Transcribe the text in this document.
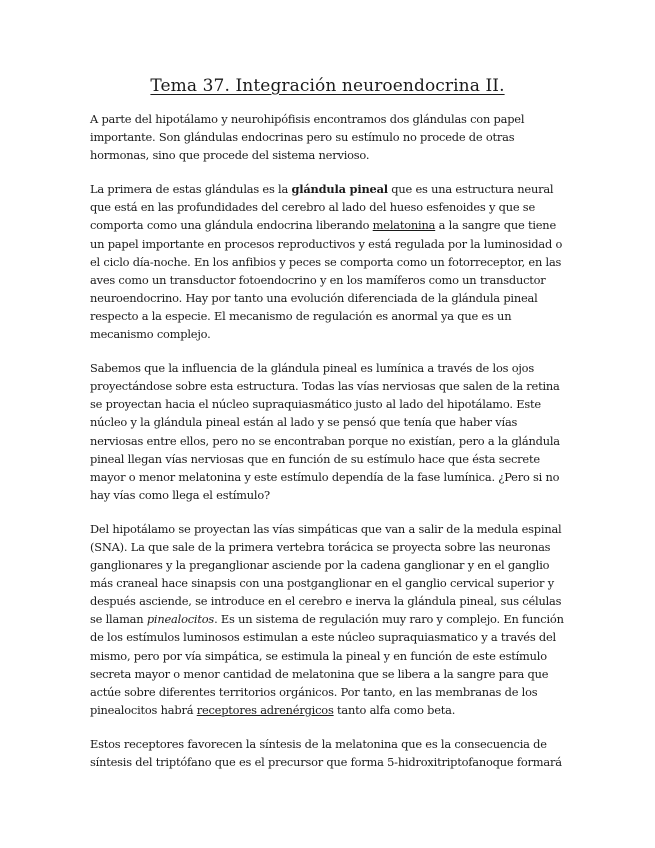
Tema 37. Integración neuroendocrina II.

A parte del hipotálamo y neurohipófisis encontramos dos glándulas con papel importante. Son glándulas endocrinas pero su estímulo no procede de otras hormonas, sino que procede del sistema nervioso.

La primera de estas glándulas es la glándula pineal que es una estructura neural que está en las profundidades del cerebro al lado del hueso esfenoides y que se comporta como una glándula endocrina liberando melatonina a la sangre que tiene un papel importante en procesos reproductivos y está regulada por la luminosidad o el ciclo día-noche. En los anfibios y peces se comporta como un fotorreceptor, en las aves como un transductor fotoendocrino y en los mamíferos como un transductor neuroendocrino. Hay por tanto una evolución diferenciada de la glándula pineal respecto a la especie. El mecanismo de regulación es anormal ya que es un mecanismo complejo.

Sabemos que la influencia de la glándula pineal es lumínica a través de los ojos proyectándose sobre esta estructura. Todas las vías nerviosas que salen de la retina se proyectan hacia el núcleo supraquiasmático justo al lado del hipotálamo. Este núcleo y la glándula pineal están al lado y se pensó que tenía que haber vías nerviosas entre ellos, pero no se encontraban porque no existían, pero a la glándula pineal llegan vías nerviosas que en función de su estímulo hace que ésta secrete mayor o menor melatonina y este estímulo dependía de la fase lumínica. ¿Pero si no hay vías como llega el estímulo?

Del hipotálamo se proyectan las vías simpáticas que van a salir de la medula espinal (SNA). La que sale de la primera vertebra torácica se proyecta sobre las neuronas ganglionares y la preganglionar asciende por la cadena ganglionar y en el ganglio más craneal hace sinapsis con una postganglionar en el ganglio cervical superior y después asciende, se introduce en el cerebro e inerva la glándula pineal, sus células se llaman pinealocitos. Es un sistema de regulación muy raro y complejo. En función de los estímulos luminosos estimulan a este núcleo supraquiasmatico y a través del mismo, pero por vía simpática, se estimula la pineal y en función de este estímulo secreta mayor o menor cantidad de melatonina que se libera a la sangre para que actúe sobre diferentes territorios orgánicos. Por tanto, en las membranas de los pinealocitos habrá receptores adrenérgicos tanto alfa como beta.

Estos receptores favorecen la síntesis de la melatonina que es la consecuencia de síntesis del triptófano que es el precursor que forma 5-hidroxitriptofanoque formará
